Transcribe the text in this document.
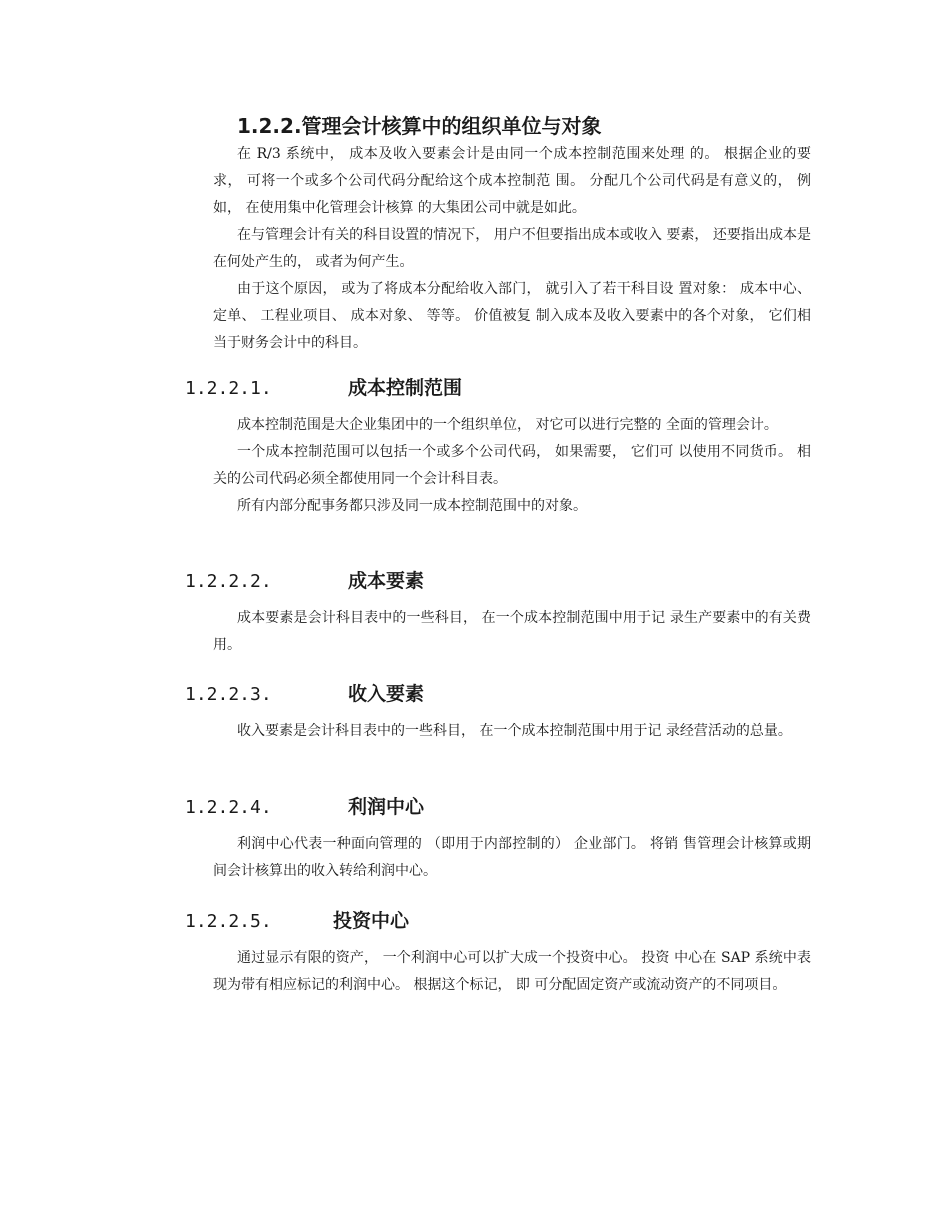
1.2.2.管理会计核算中的组织单位与对象

在 R/3 系统中， 成本及收入要素会计是由同一个成本控制范围来处理 的。 根据企业的要求， 可将一个或多个公司代码分配给这个成本控制范 围。 分配几个公司代码是有意义的， 例如， 在使用集中化管理会计核算 的大集团公司中就是如此。

在与管理会计有关的科目设置的情况下， 用户不但要指出成本或收入 要素， 还要指出成本是在何处产生的， 或者为何产生。

由于这个原因， 或为了将成本分配给收入部门， 就引入了若干科目设 置对象： 成本中心、 定单、 工程业项目、 成本对象、 等等。 价值被复 制入成本及收入要素中的各个对象， 它们相当于财务会计中的科目。

1.2.2.1.	成本控制范围

成本控制范围是大企业集团中的一个组织单位， 对它可以进行完整的 全面的管理会计。

一个成本控制范围可以包括一个或多个公司代码， 如果需要， 它们可 以使用不同货币。 相关的公司代码必须全都使用同一个会计科目表。

所有内部分配事务都只涉及同一成本控制范围中的对象。

1.2.2.2.	成本要素

成本要素是会计科目表中的一些科目， 在一个成本控制范围中用于记 录生产要素中的有关费用。

1.2.2.3.	收入要素

收入要素是会计科目表中的一些科目， 在一个成本控制范围中用于记 录经营活动的总量。

1.2.2.4.	利润中心

利润中心代表一种面向管理的 （即用于内部控制的） 企业部门。 将销 售管理会计核算或期间会计核算出的收入转给利润中心。

1.2.2.5.	投资中心

通过显示有限的资产， 一个利润中心可以扩大成一个投资中心。 投资 中心在 SAP 系统中表现为带有相应标记的利润中心。 根据这个标记， 即 可分配固定资产或流动资产的不同项目。
